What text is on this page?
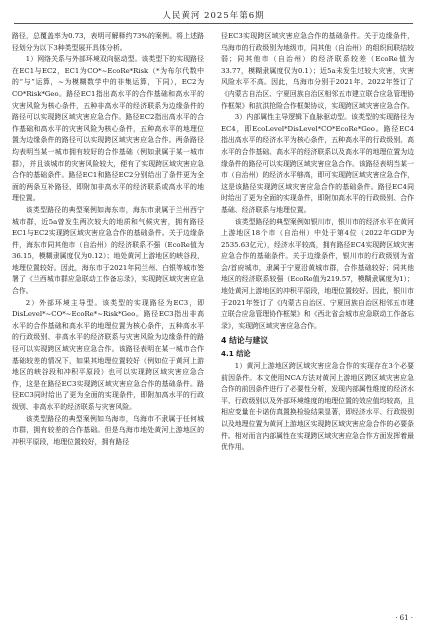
人民黄河 2025年第6期

路径，总覆盖率为0.73，表明可解释约73%的案例。将上述路径划分为以下3种类型展开具体分析。

1）网络关系与外部环境双向驱动型。该类型下的实现路径在EC1与EC2，EC1为CO*~EcoRe*Risk（*为布尔代数中的“与”运算，~为模糊数学中的非集运算，下同），EC2为CO*Risk*Geo。路径EC1指出高水平的合作基础和高水平的灾害风险为核心条件，五种非高水平的经济联系为边缘条件的路径可以实现跨区域灾害应急合作。路径EC2指出高水平的合作基础和高水平的灾害风险为核心条件，五种高水平的地理位置为边缘条件的路径可以实现跨区域灾害应急合作。两条路径均表明当某一城市拥有较好的合作基础（例如隶属于某一城市群），并且该城市的灾害风险较大，便有了实现跨区域灾害应急合作的基础条件。路径EC1和路径EC2分别给出了条件更为全面的两条互补路径，即附加非高水平的经济联系或高水平的地理位置。

该类型路径的典型案例如海东市，海东市隶属于兰州西宁城市群，近5a曾发生两次较大的地质和气候灾害，拥有路径EC1与EC2实现跨区域灾害应急合作的基础条件。关于边缘条件，海东市同其他市（自治州）的经济联系不强（EcoRe值为36.15，模糊隶属度仅为0.12）；地处黄河上游地区的峡谷段，地理位置较好。因此，海东市于2021年同兰州、白银等城市签署了《兰西城市群应急联动工作备忘录》，实现跨区域灾害应急合作。

2）外部环境主导型。该类型的实现路径为EC3，即DisLevel*~CO*~EcoRe*~Risk*Geo。路径EC3指出非高水平的合作基础和高水平的地理位置为核心条件，五种高水平的行政级别、非高水平的经济联系与灾害风险为边缘条件的路径可以实现跨区域灾害应急合作。该路径表明在某一城市合作基础较差的情况下，如果其地理位置较好（例如位于黄河上游地区的峡谷段和冲积平原段）也可以实现跨区域灾害应急合作，这是在路径EC3实现跨区域灾害应急合作的基础条件。路径EC3同时给出了更为全面的实现条件，即附加高水平的行政级别、非高水平的经济联系与灾害风险。

该类型路径的典型案例如乌海市，乌海市不隶属于任何城市群，拥有较差的合作基础。但是乌海市地处黄河上游地区的冲积平原段，地理位置较好，拥有路径

径EC3实现跨区域灾害应急合作的基础条件。关于边缘条件，乌海市的行政级别为地级市，同其他（自治州）的组织间联结较弱；同其他市（自治州）的经济联系较差（EcoRe值为33.77，模糊隶属度仅为0.1）；近5a未发生过较大灾害，灾害风险水平不高。因此，乌海市分别于2021年、2022年签订了《内蒙古自治区、宁夏回族自治区相邻五市建立联合应急管理协作框架》和抗洪抢险合作框架协议，实现跨区域灾害应急合作。

3）内部属性主导逻辑下血脉驱动型。该类型的实现路径为EC4，即EcoLevel*DisLevel*CO*EcoRe*Geo。路径EC4指出高水平的经济水平为核心条件，五种高水平的行政级别、高水平的合作基础、高水平的经济联系以及高水平的地理位置为边缘条件的路径可以实现跨区域灾害应急合作。该路径表明当某一市（自治州）的经济水平够高，即可实现跨区域灾害应急合作，这是该路径实现跨区域灾害应急合作的基础条件。路径EC4同时给出了更为全面的实现条件，即附加高水平的行政级别、合作基础、经济联系与地理位置。

该类型路径的典型案例如银川市，银川市的经济水平在黄河上游地区18个市（自治州）中处于第4位（2022年GDP为2535.63亿元），经济水平较高，拥有路径EC4实现跨区域灾害应急合作的基础条件。关于边缘条件，银川市的行政级别为省会/首府城市，隶属于宁夏沿黄城市群，合作基础较好；同其他地区的经济联系较强（EcoRe值为219.57，模糊隶属度为1）；地处黄河上游地区的冲积平原段，地理位置较好。因此，银川市于2021年签订了《内蒙古自治区、宁夏回族自治区相邻五市建立联合应急管理协作框架》和《西北省会城市应急联动工作备忘录》，实现跨区域灾害应急合作。

4 结论与建议
4.1 结论

1）黄河上游地区跨区域灾害应急合作的实现存在3个必要前因条件。本文使用NCA方法对黄河上游地区跨区域灾害应急合作的前因条件进行了必要性分析，发现内部属性维度的经济水平、行政级别以及外部环境维度的地理位置的效应值均较高，且相应变量在卡诺仿真置换检验结果显著，即经济水平、行政级别以及地理位置为黄河上游地区实现跨区域灾害应急合作的必要条件。相对而言内部属性在实现跨区域灾害应急合作方面发挥着最优作用。

· 61 ·
